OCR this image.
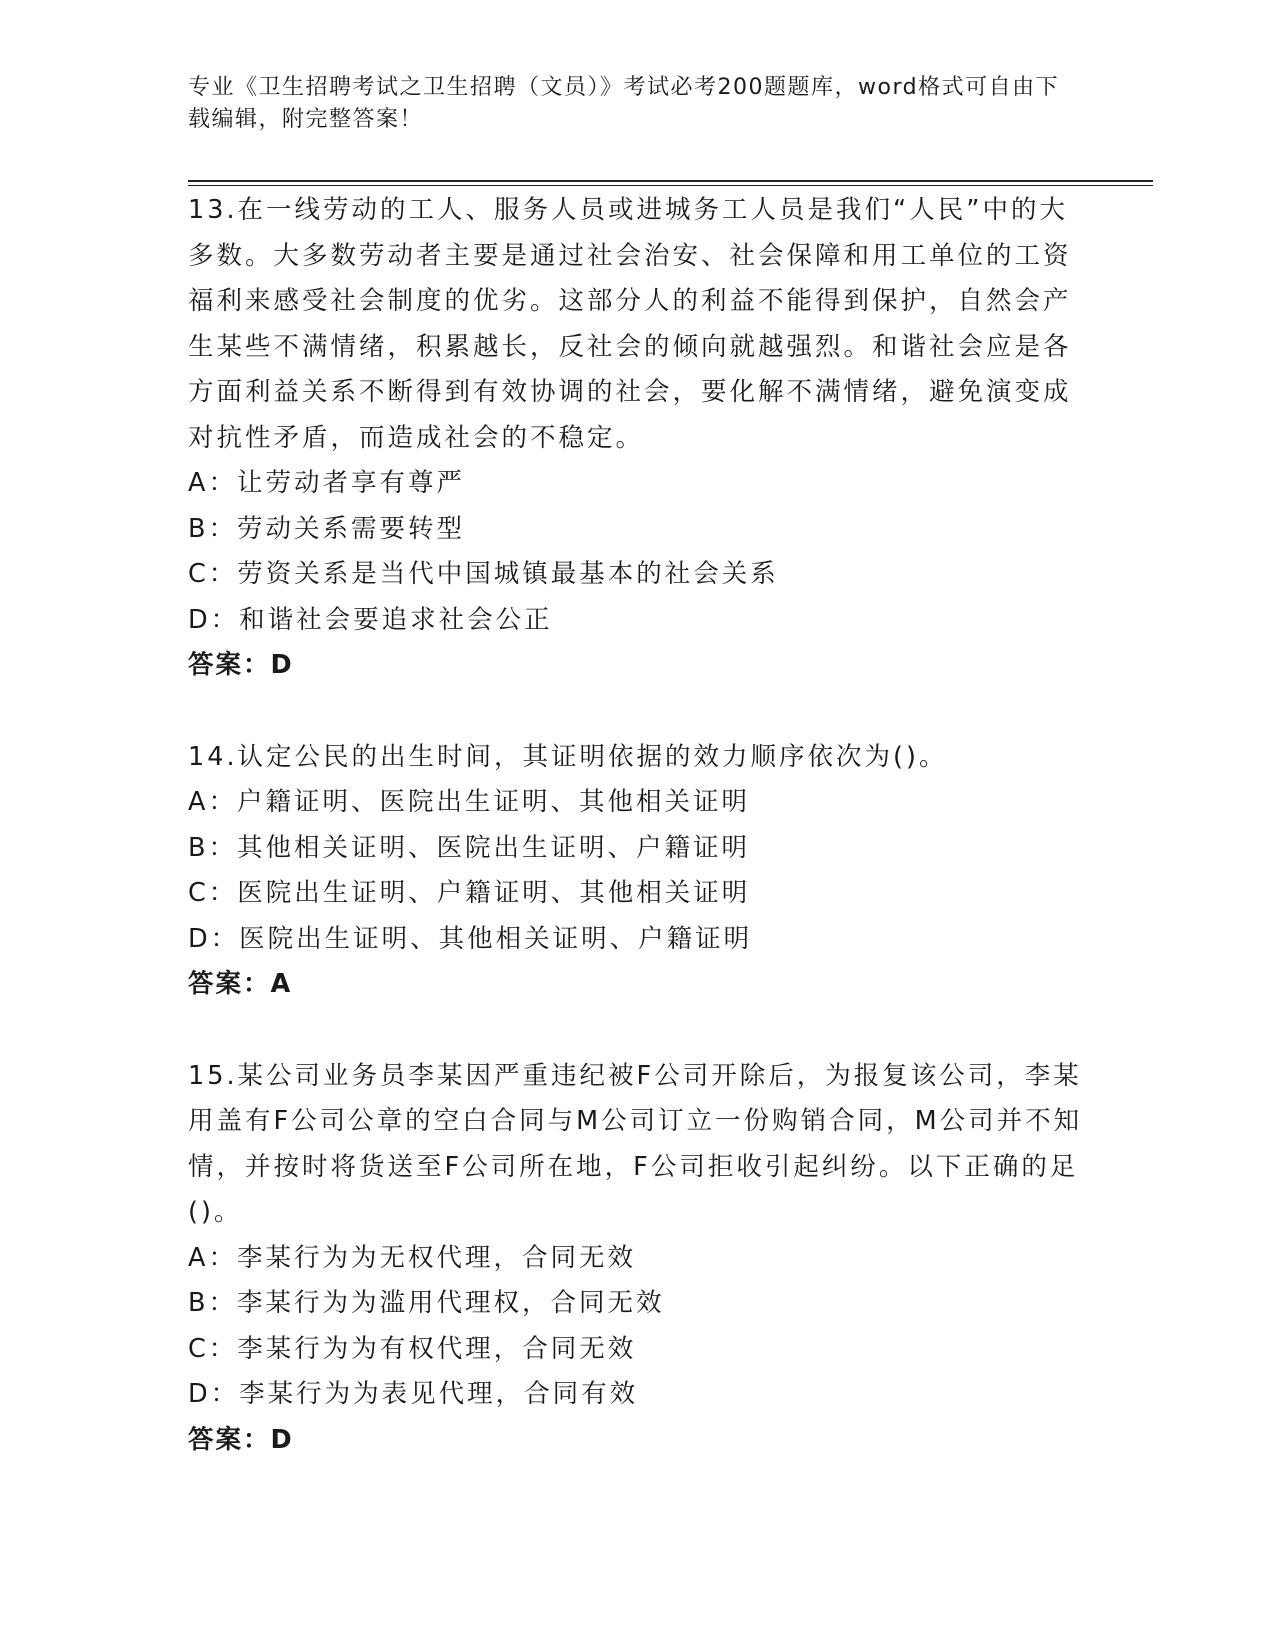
专业《卫生招聘考试之卫生招聘（文员）》考试必考200题题库，word格式可自由下载编辑，附完整答案！

13.在一线劳动的工人、服务人员或进城务工人员是我们“人民”中的大多数。大多数劳动者主要是通过社会治安、社会保障和用工单位的工资福利来感受社会制度的优劣。这部分人的利益不能得到保护，自然会产生某些不满情绪，积累越长，反社会的倾向就越强烈。和谐社会应是各方面利益关系不断得到有效协调的社会，要化解不满情绪，避免演变成对抗性矛盾，而造成社会的不稳定。

A：让劳动者享有尊严

B：劳动关系需要转型

C：劳资关系是当代中国城镇最基本的社会关系

D：和谐社会要追求社会公正

答案：D

14.认定公民的出生时间，其证明依据的效力顺序依次为()。

A：户籍证明、医院出生证明、其他相关证明

B：其他相关证明、医院出生证明、户籍证明

C：医院出生证明、户籍证明、其他相关证明

D：医院出生证明、其他相关证明、户籍证明

答案：A

15.某公司业务员李某因严重违纪被F公司开除后，为报复该公司，李某用盖有F公司公章的空白合同与M公司订立一份购销合同，M公司并不知情，并按时将货送至F公司所在地，F公司拒收引起纠纷。以下正确的足()。

A：李某行为为无权代理，合同无效

B：李某行为为滥用代理权，合同无效

C：李某行为为有权代理，合同无效

D：李某行为为表见代理，合同有效

答案：D
